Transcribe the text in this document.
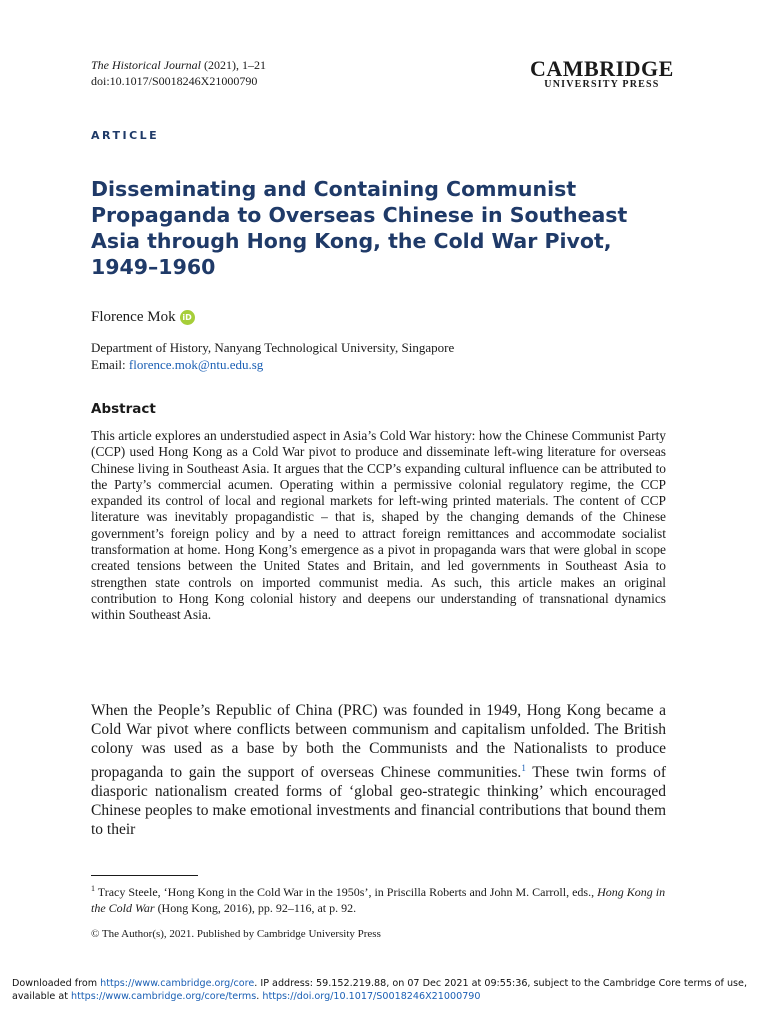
The Historical Journal (2021), 1–21
doi:10.1017/S0018246X21000790	CAMBRIDGE
UNIVERSITY PRESS
ARTICLE
Disseminating and Containing Communist Propaganda to Overseas Chinese in Southeast Asia through Hong Kong, the Cold War Pivot, 1949–1960
Florence Mok iD
Department of History, Nanyang Technological University, Singapore
Email: florence.mok@ntu.edu.sg
Abstract

This article explores an understudied aspect in Asia’s Cold War history: how the Chinese Communist Party (CCP) used Hong Kong as a Cold War pivot to produce and disseminate left-wing literature for overseas Chinese living in Southeast Asia. It argues that the CCP’s expanding cultural influence can be attributed to the Party’s commercial acumen. Operating within a permissive colonial regulatory regime, the CCP expanded its control of local and regional markets for left-wing printed materials. The content of CCP literature was inevitably propagandistic – that is, shaped by the changing demands of the Chinese government’s foreign policy and by a need to attract foreign remittances and accommodate socialist transformation at home. Hong Kong’s emergence as a pivot in propaganda wars that were global in scope created tensions between the United States and Britain, and led governments in Southeast Asia to strengthen state controls on imported communist media. As such, this article makes an original contribution to Hong Kong colonial history and deepens our understanding of transnational dynamics within Southeast Asia.

When the People’s Republic of China (PRC) was founded in 1949, Hong Kong became a Cold War pivot where conflicts between communism and capitalism unfolded. The British colony was used as a base by both the Communists and the Nationalists to produce propaganda to gain the support of overseas Chinese communities.$^1$ These twin forms of diasporic nationalism created forms of ‘global geo-strategic thinking’ which encouraged Chinese peoples to make emotional investments and financial contributions that bound them to their

$^1$ Tracy Steele, ‘Hong Kong in the Cold War in the 1950s’, in Priscilla Roberts and John M. Carroll, eds., Hong Kong in the Cold War (Hong Kong, 2016), pp. 92–116, at p. 92.

© The Author(s), 2021. Published by Cambridge University Press
Downloaded from https://www.cambridge.org/core. IP address: 59.152.219.88, on 07 Dec 2021 at 09:55:36, subject to the Cambridge Core terms of use, available at https://www.cambridge.org/core/terms. https://doi.org/10.1017/S0018246X21000790
